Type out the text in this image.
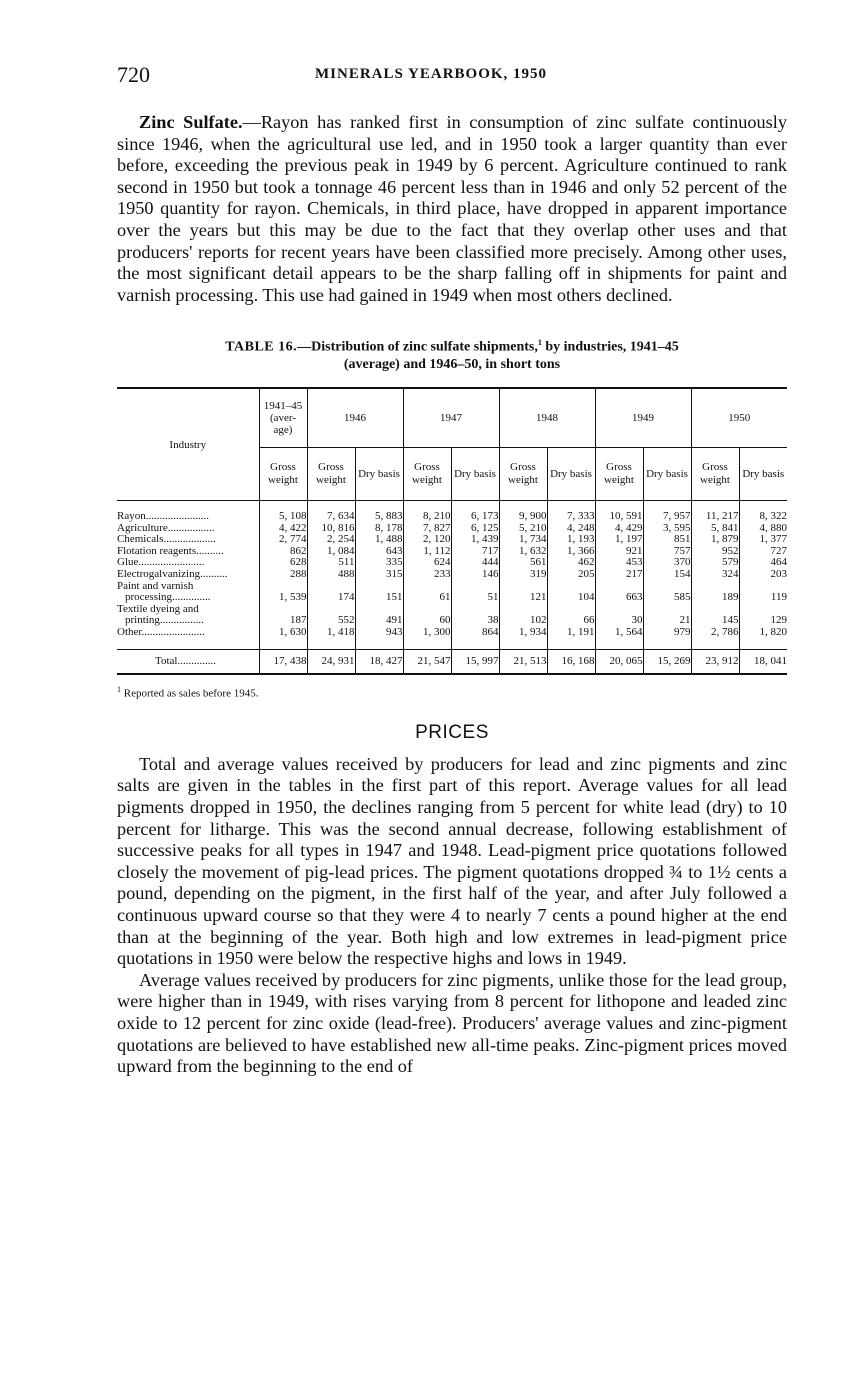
720	MINERALS YEARBOOK, 1950

Zinc Sulfate.—Rayon has ranked first in consumption of zinc sulfate continuously since 1946, when the agricultural use led, and in 1950 took a larger quantity than ever before, exceeding the previous peak in 1949 by 6 percent. Agriculture continued to rank second in 1950 but took a tonnage 46 percent less than in 1946 and only 52 percent of the 1950 quantity for rayon. Chemicals, in third place, have dropped in apparent importance over the years but this may be due to the fact that they overlap other uses and that producers' reports for recent years have been classified more precisely. Among other uses, the most significant detail appears to be the sharp falling off in shipments for paint and varnish processing. This use had gained in 1949 when most others declined.

TABLE 16.—Distribution of zinc sulfate shipments,$^1$ by industries, 1941–45
(average) and 1946–50, in short tons
Industry	1941–45 (aver- age)	1946		1947		1948		1949		1950	
	Gross weight	Gross weight	Dry basis	Gross weight	Dry basis	Gross weight	Dry basis	Gross weight	Dry basis	Gross weight	Dry basis

Rayon.......................	5, 108	7, 634	5, 883	8, 210	6, 173	9, 900	7, 333	10, 591	7, 957	11, 217	8, 322
Agriculture.................	4, 422	10, 816	8, 178	7, 827	6, 125	5, 210	4, 248	4, 429	3, 595	5, 841	4, 880
Chemicals...................	2, 774	2, 254	1, 488	2, 120	1, 439	1, 734	1, 193	1, 197	851	1, 879	1, 377
Flotation reagents..........	862	1, 084	643	1, 112	717	1, 632	1, 366	921	757	952	727
Glue........................	628	511	335	624	444	561	462	453	370	579	464
Electrogalvanizing..........	288	488	315	233	146	319	205	217	154	324	203

Paint and varnish
processing..............	1, 539	174	151	61	51	121	104	663	585	189	119

Textile dyeing and
printing................	187	552	491	60	38	102	66	30	21	145	129
Other.......................	1, 630	1, 418	943	1, 300	864	1, 934	1, 191	1, 564	979	2, 786	1, 820

Total..............	17, 438	24, 931	18, 427	21, 547	15, 997	21, 513	16, 168	20, 065	15, 269	23, 912	18, 041
$^1$ Reported as sales before 1945.
PRICES

Total and average values received by producers for lead and zinc pigments and zinc salts are given in the tables in the first part of this report. Average values for all lead pigments dropped in 1950, the declines ranging from 5 percent for white lead (dry) to 10 percent for litharge. This was the second annual decrease, following establishment of successive peaks for all types in 1947 and 1948. Lead-pigment price quotations followed closely the movement of pig-lead prices. The pigment quotations dropped ¾ to 1½ cents a pound, depending on the pigment, in the first half of the year, and after July followed a continuous upward course so that they were 4 to nearly 7 cents a pound higher at the end than at the beginning of the year. Both high and low extremes in lead-pigment price quotations in 1950 were below the respective highs and lows in 1949.

Average values received by producers for zinc pigments, unlike those for the lead group, were higher than in 1949, with rises varying from 8 percent for lithopone and leaded zinc oxide to 12 percent for zinc oxide (lead-free). Producers' average values and zinc-pigment quotations are believed to have established new all-time peaks. Zinc-pigment prices moved upward from the beginning to the end of
